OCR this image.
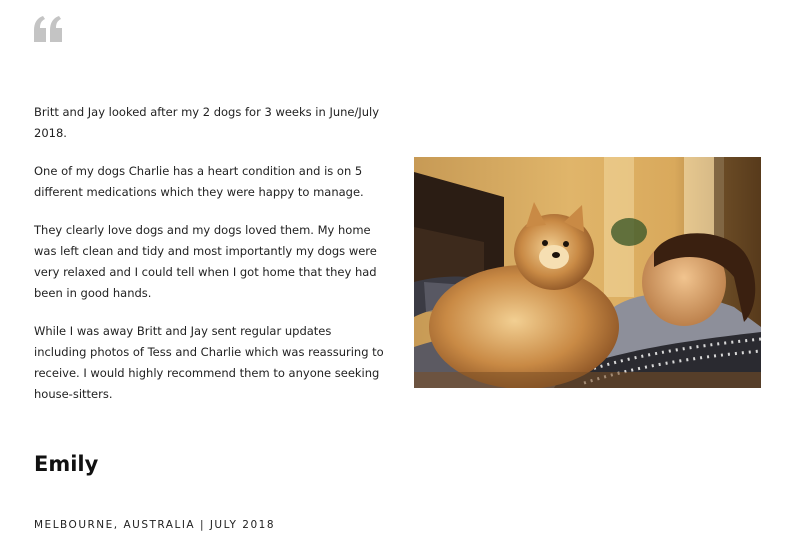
Britt and Jay looked after my 2 dogs for 3 weeks in June/July 2018.

One of my dogs Charlie has a heart condition and is on 5 different medications which they were happy to manage.

They clearly love dogs and my dogs loved them. My home was left clean and tidy and most importantly my dogs were very relaxed and I could tell when I got home that they had been in good hands.

While I was away Britt and Jay sent regular updates including photos of Tess and Charlie which was reassuring to receive. I would highly recommend them to anyone seeking house-sitters.

Emily
MELBOURNE, AUSTRALIA | JULY 2018
